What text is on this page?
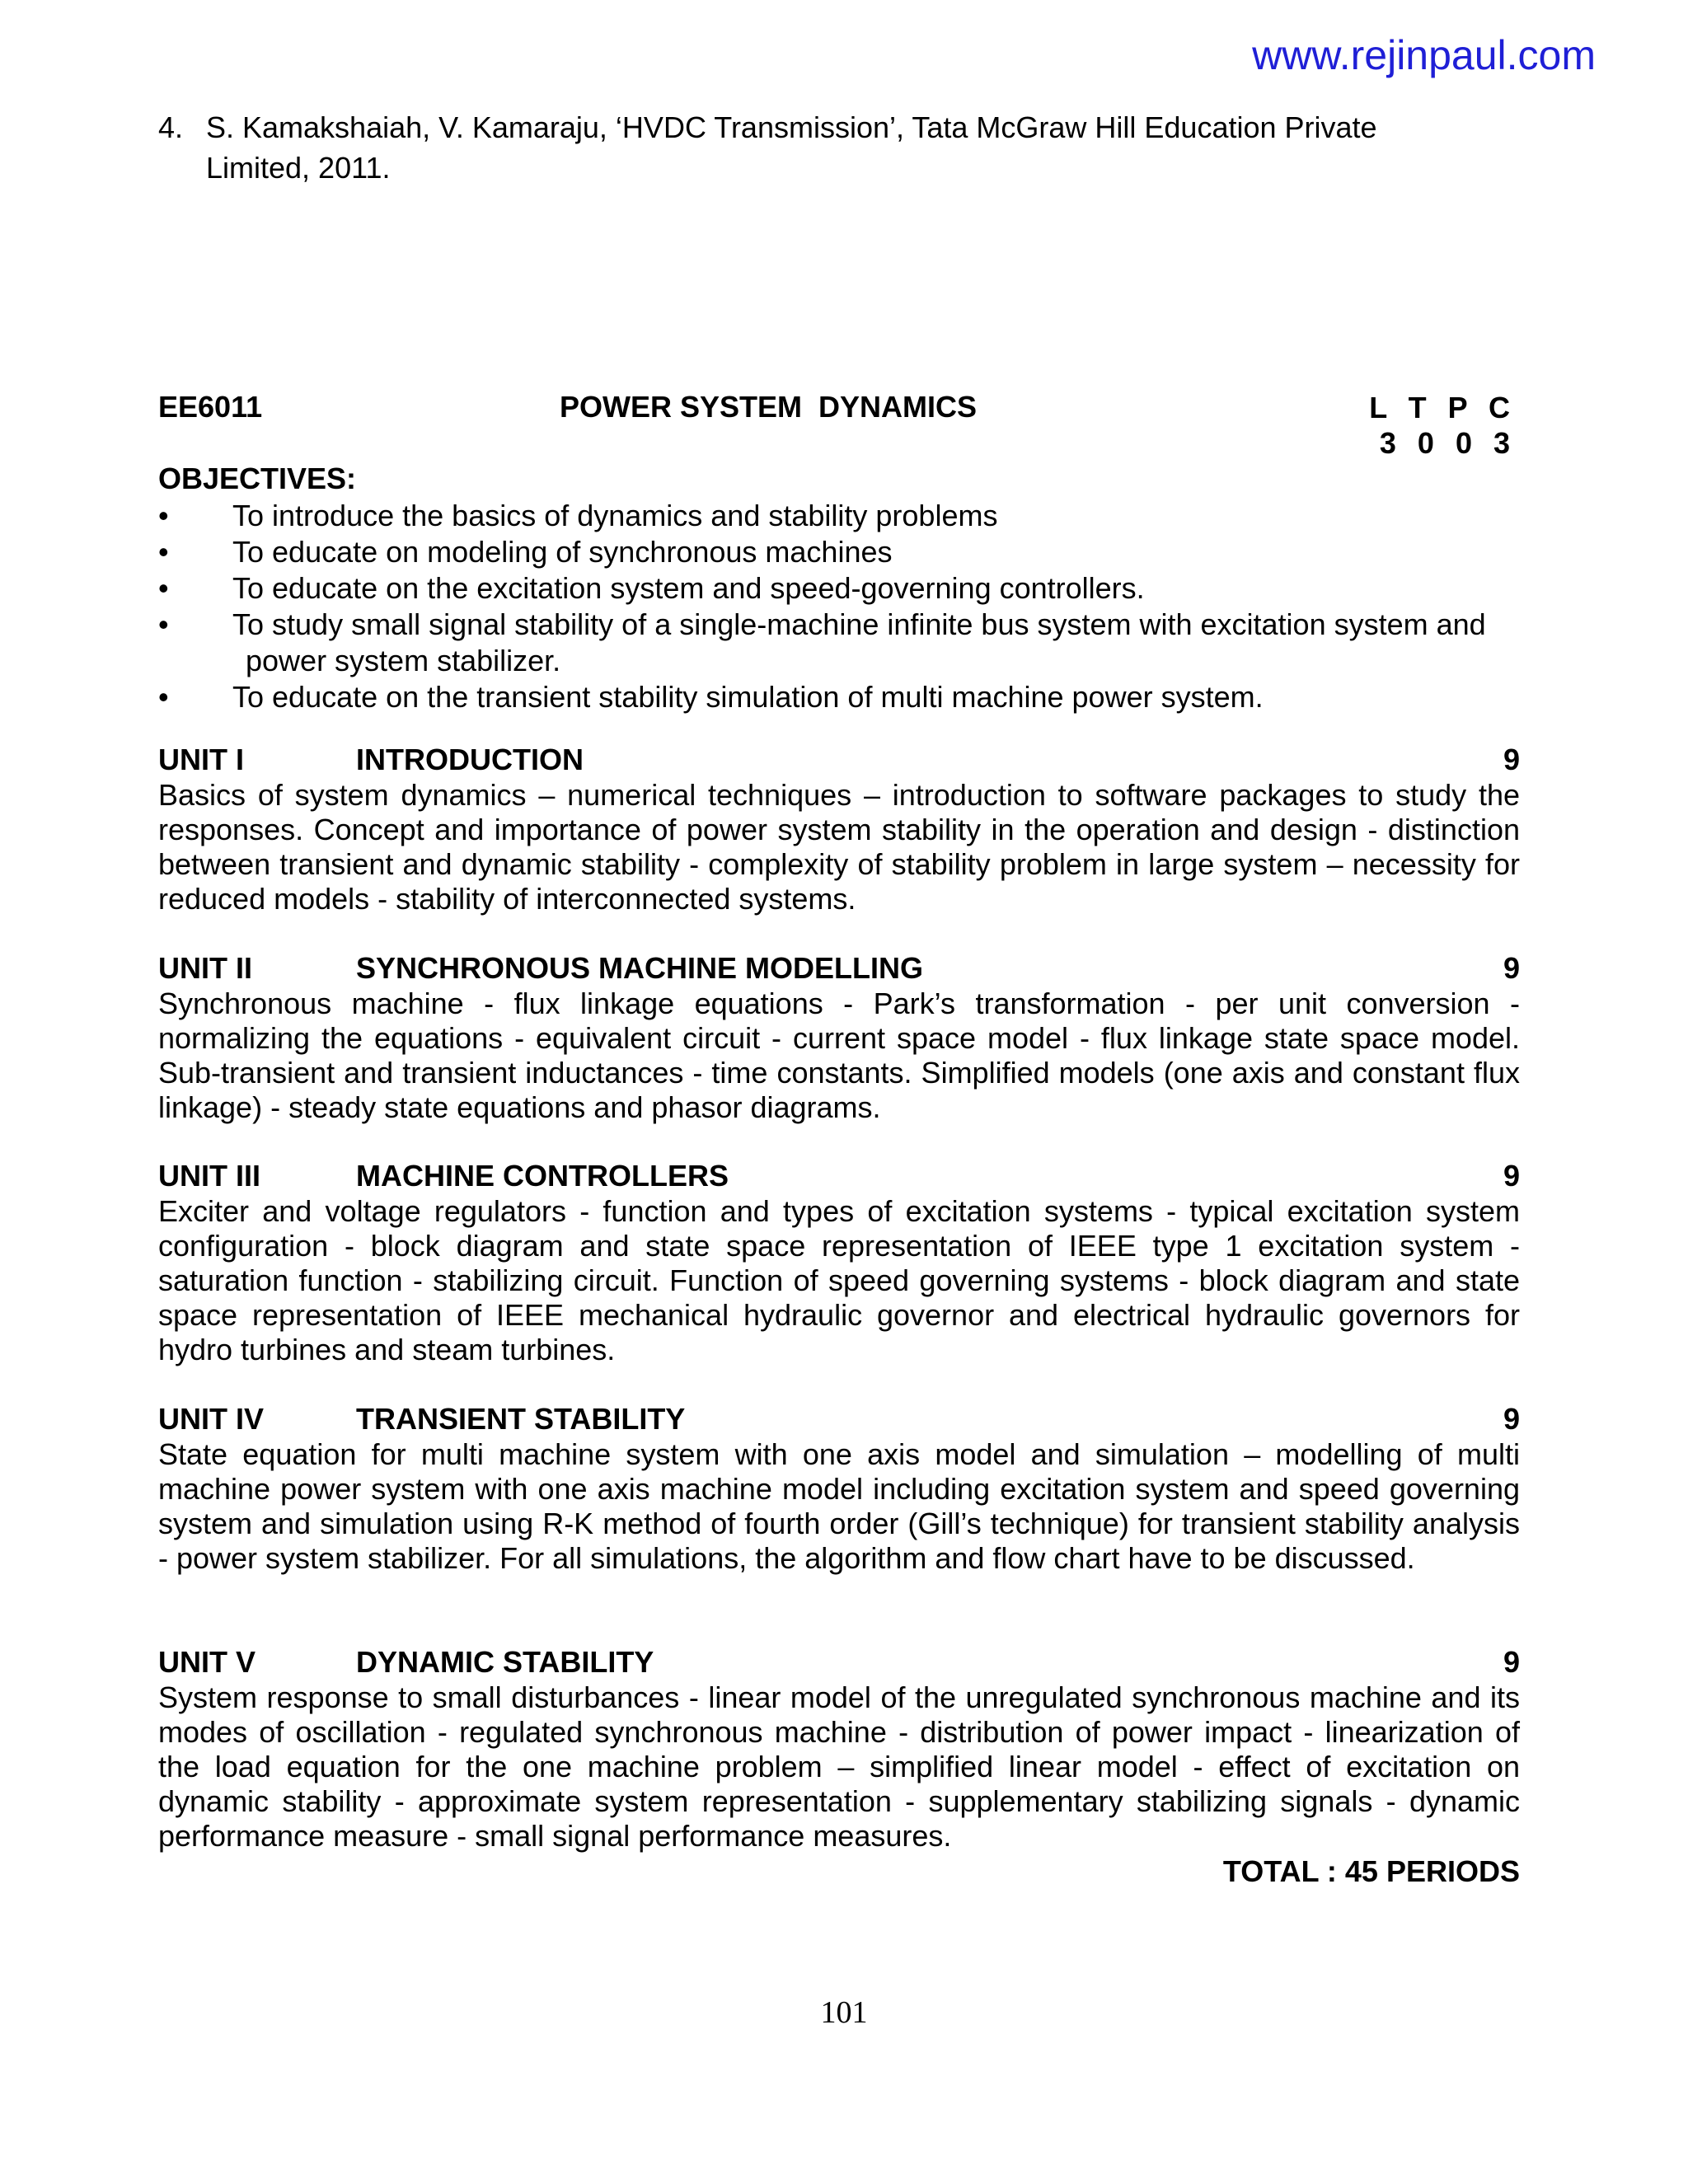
www.rejinpaul.com
4. S. Kamakshaiah, V. Kamaraju, ‘HVDC Transmission’, Tata McGraw Hill Education Private
Limited, 2011.
EE6011	POWER SYSTEM  DYNAMICS	L T P C
3 0 0 3
OBJECTIVES:
• To introduce the basics of dynamics and stability problems
• To educate on modeling of synchronous machines
• To educate on the excitation system and speed-governing controllers.
• To study small signal stability of a single-machine infinite bus system with excitation system and
power system stabilizer.
• To educate on the transient stability simulation of multi machine power system.
UNIT I	INTRODUCTION	9

Basics of system dynamics – numerical techniques – introduction to software packages to study the responses. Concept and importance of power system stability in the operation and design - distinction between transient and dynamic stability - complexity of stability problem in large system – necessity for reduced models - stability of interconnected systems.

UNIT II	SYNCHRONOUS MACHINE MODELLING	9

Synchronous machine - flux linkage equations - Park’s transformation - per unit conversion - normalizing the equations - equivalent circuit - current space model - flux linkage state space model. Sub-transient and transient inductances - time constants. Simplified models (one axis and constant flux linkage) - steady state equations and phasor diagrams.

UNIT III	MACHINE CONTROLLERS	9

Exciter and voltage regulators - function and types of excitation systems - typical excitation system configuration - block diagram and state space representation of IEEE type 1 excitation system - saturation function - stabilizing circuit. Function of speed governing systems - block diagram and state space representation of IEEE mechanical hydraulic governor and electrical hydraulic governors for hydro turbines and steam turbines.

UNIT IV	TRANSIENT STABILITY	9

State equation for multi machine system with one axis model and simulation – modelling of multi machine power system with one axis machine model including excitation system and speed governing system and simulation using R-K method of fourth order (Gill’s technique) for transient stability analysis - power system stabilizer. For all simulations, the algorithm and flow chart have to be discussed.

UNIT V	DYNAMIC STABILITY	9

System response to small disturbances - linear model of the unregulated synchronous machine and its modes of oscillation - regulated synchronous machine - distribution of power impact - linearization of the load equation for the one machine problem – simplified linear model - effect of excitation on dynamic stability - approximate system representation - supplementary stabilizing signals - dynamic performance measure - small signal performance measures.

TOTAL : 45 PERIODS
101
